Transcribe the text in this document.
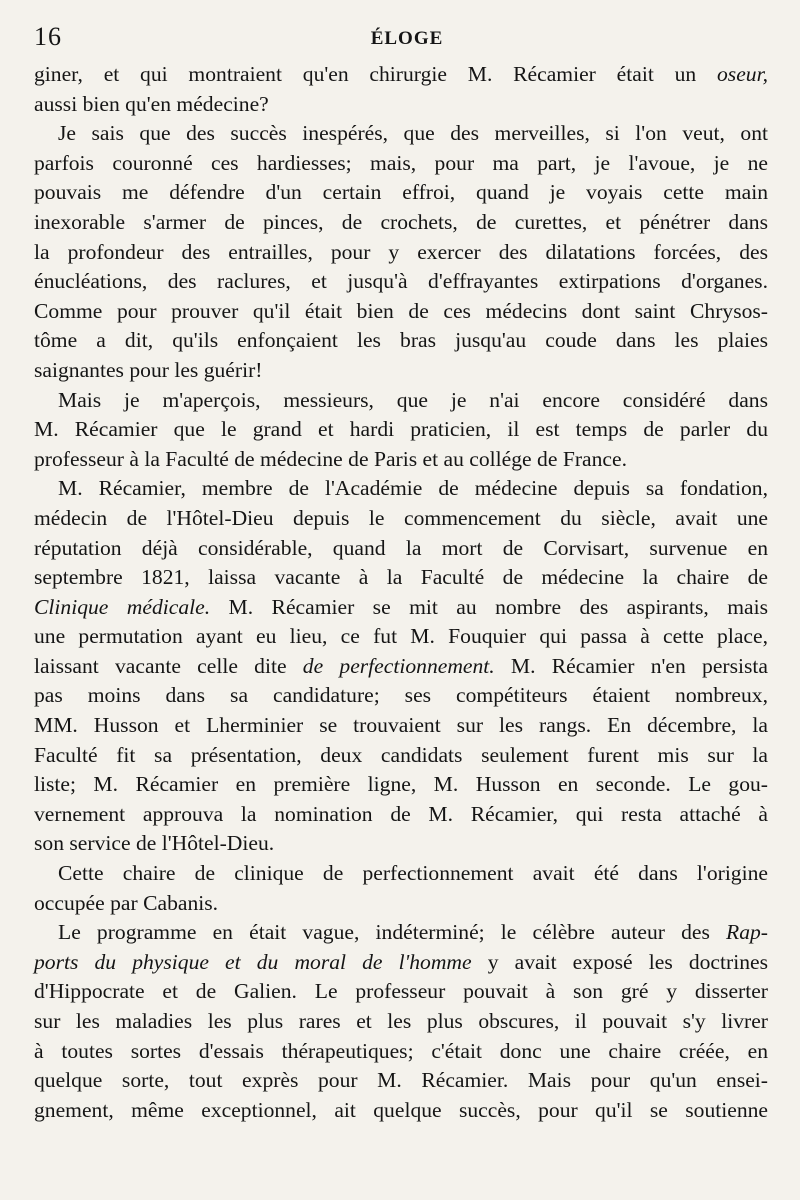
16	ÉLOGE
giner, et qui montraient qu'en chirurgie M. Récamier était un oseur,
aussi bien qu'en médecine?
Je sais que des succès inespérés, que des merveilles, si l'on veut, ont
parfois couronné ces hardiesses; mais, pour ma part, je l'avoue, je ne
pouvais me défendre d'un certain effroi, quand je voyais cette main
inexorable s'armer de pinces, de crochets, de curettes, et pénétrer dans
la profondeur des entrailles, pour y exercer des dilatations forcées, des
énucléations, des raclures, et jusqu'à d'effrayantes extirpations d'organes.
Comme pour prouver qu'il était bien de ces médecins dont saint Chrysos-
tôme a dit, qu'ils enfonçaient les bras jusqu'au coude dans les plaies
saignantes pour les guérir!
Mais je m'aperçois, messieurs, que je n'ai encore considéré dans
M. Récamier que le grand et hardi praticien, il est temps de parler du
professeur à la Faculté de médecine de Paris et au collége de France.
M. Récamier, membre de l'Académie de médecine depuis sa fondation,
médecin de l'Hôtel-Dieu depuis le commencement du siècle, avait une
réputation déjà considérable, quand la mort de Corvisart, survenue en
septembre 1821, laissa vacante à la Faculté de médecine la chaire de
Clinique médicale. M. Récamier se mit au nombre des aspirants, mais
une permutation ayant eu lieu, ce fut M. Fouquier qui passa à cette place,
laissant vacante celle dite de perfectionnement. M. Récamier n'en persista
pas moins dans sa candidature; ses compétiteurs étaient nombreux,
MM. Husson et Lherminier se trouvaient sur les rangs. En décembre, la
Faculté fit sa présentation, deux candidats seulement furent mis sur la
liste; M. Récamier en première ligne, M. Husson en seconde. Le gou-
vernement approuva la nomination de M. Récamier, qui resta attaché à
son service de l'Hôtel-Dieu.
Cette chaire de clinique de perfectionnement avait été dans l'origine
occupée par Cabanis.
Le programme en était vague, indéterminé; le célèbre auteur des Rap-
ports du physique et du moral de l'homme y avait exposé les doctrines
d'Hippocrate et de Galien. Le professeur pouvait à son gré y disserter
sur les maladies les plus rares et les plus obscures, il pouvait s'y livrer
à toutes sortes d'essais thérapeutiques; c'était donc une chaire créée, en
quelque sorte, tout exprès pour M. Récamier. Mais pour qu'un ensei-
gnement, même exceptionnel, ait quelque succès, pour qu'il se soutienne
